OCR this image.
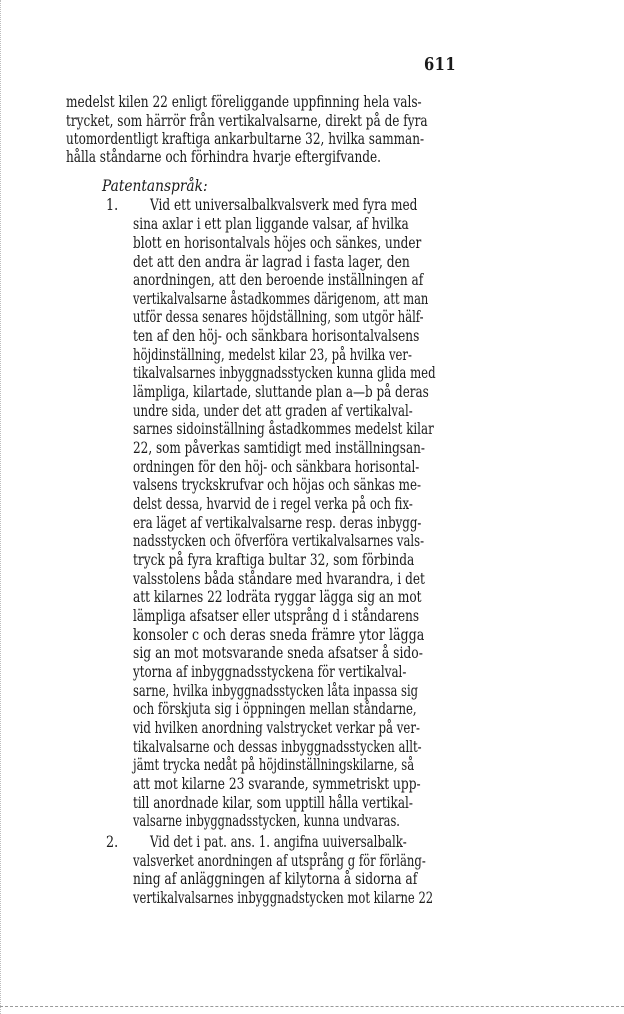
611
medelst kilen 22 enligt föreliggande uppfinning hela vals-
trycket, som härrör från vertikalvalsarne, direkt på de fyra
utomordentligt kraftiga ankarbultarne 32, hvilka samman-
hålla ståndarne och förhindra hvarje eftergifvande.
Patentanspråk:
1. Vid ett universalbalkvalsverk med fyra med
sina axlar i ett plan liggande valsar, af hvilka
blott en horisontalvals höjes och sänkes, under
det att den andra är lagrad i fasta lager, den
anordningen, att den beroende inställningen af
vertikalvalsarne åstadkommes därigenom, att man
utför dessa senares höjdställning, som utgör hälf-
ten af den höj- och sänkbara horisontalvalsens
höjdinställning, medelst kilar 23, på hvilka ver-
tikalvalsarnes inbyggnadsstycken kunna glida med
lämpliga, kilartade, sluttande plan a—b på deras
undre sida, under det att graden af vertikalval-
sarnes sidoinställning åstadkommes medelst kilar
22, som påverkas samtidigt med inställningsan-
ordningen för den höj- och sänkbara horisontal-
valsens tryckskrufvar och höjas och sänkas me-
delst dessa, hvarvid de i regel verka på och fix-
era läget af vertikalvalsarne resp. deras inbygg-
nadsstycken och öfverföra vertikalvalsarnes vals-
tryck på fyra kraftiga bultar 32, som förbinda
valsstolens båda ståndare med hvarandra, i det
att kilarnes 22 lodräta ryggar lägga sig an mot
lämpliga afsatser eller utsprång d i ståndarens
konsoler c och deras sneda främre ytor lägga
sig an mot motsvarande sneda afsatser å sido-
ytorna af inbyggnadsstyckena för vertikalval-
sarne, hvilka inbyggnadsstycken låta inpassa sig
och förskjuta sig i öppningen mellan ståndarne,
vid hvilken anordning valstrycket verkar på ver-
tikalvalsarne och dessas inbyggnadsstycken allt-
jämt trycka nedåt på höjdinställningskilarne, så
att mot kilarne 23 svarande, symmetriskt upp-
till anordnade kilar, som upptill hålla vertikal-
valsarne inbyggnadsstycken, kunna undvaras.
2. Vid det i pat. ans. 1. angifna uuiversalbalk-
valsverket anordningen af utsprång g för förläng-
ning af anläggningen af kilytorna å sidorna af
vertikalvalsarnes inbyggnadstycken mot kilarne 22
